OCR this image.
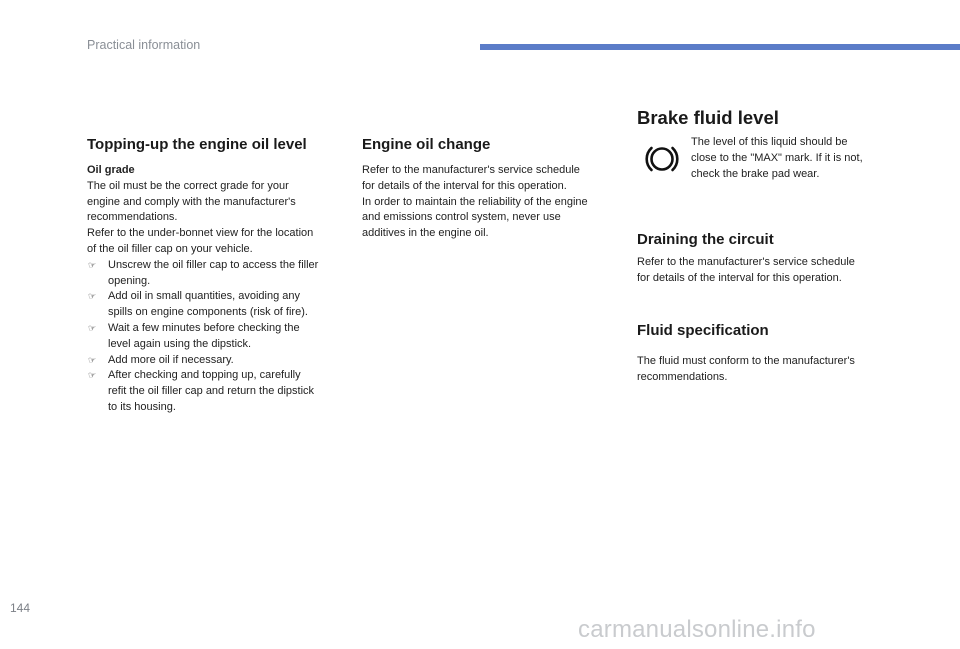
Practical information
Topping-up the engine oil level

Oil grade

The oil must be the correct grade for your
engine and comply with the manufacturer's
recommendations.
Refer to the under-bonnet view for the location
of the oil filler cap on your vehicle.
☞ Unscrew the oil filler cap to access the filler
opening.
☞ Add oil in small quantities, avoiding any
spills on engine components (risk of fire).
☞ Wait a few minutes before checking the
level again using the dipstick.
☞ Add more oil if necessary.
☞ After checking and topping up, carefully
refit the oil filler cap and return the dipstick
to its housing.
Engine oil change
Refer to the manufacturer's service schedule
for details of the interval for this operation.
In order to maintain the reliability of the engine
and emissions control system, never use
additives in the engine oil.
Brake fluid level
The level of this liquid should be
close to the "MAX" mark. If it is not,
check the brake pad wear.
Draining the circuit
Refer to the manufacturer's service schedule
for details of the interval for this operation.
Fluid specification
The fluid must conform to the manufacturer's
recommendations.
144
carmanualsonline.info
